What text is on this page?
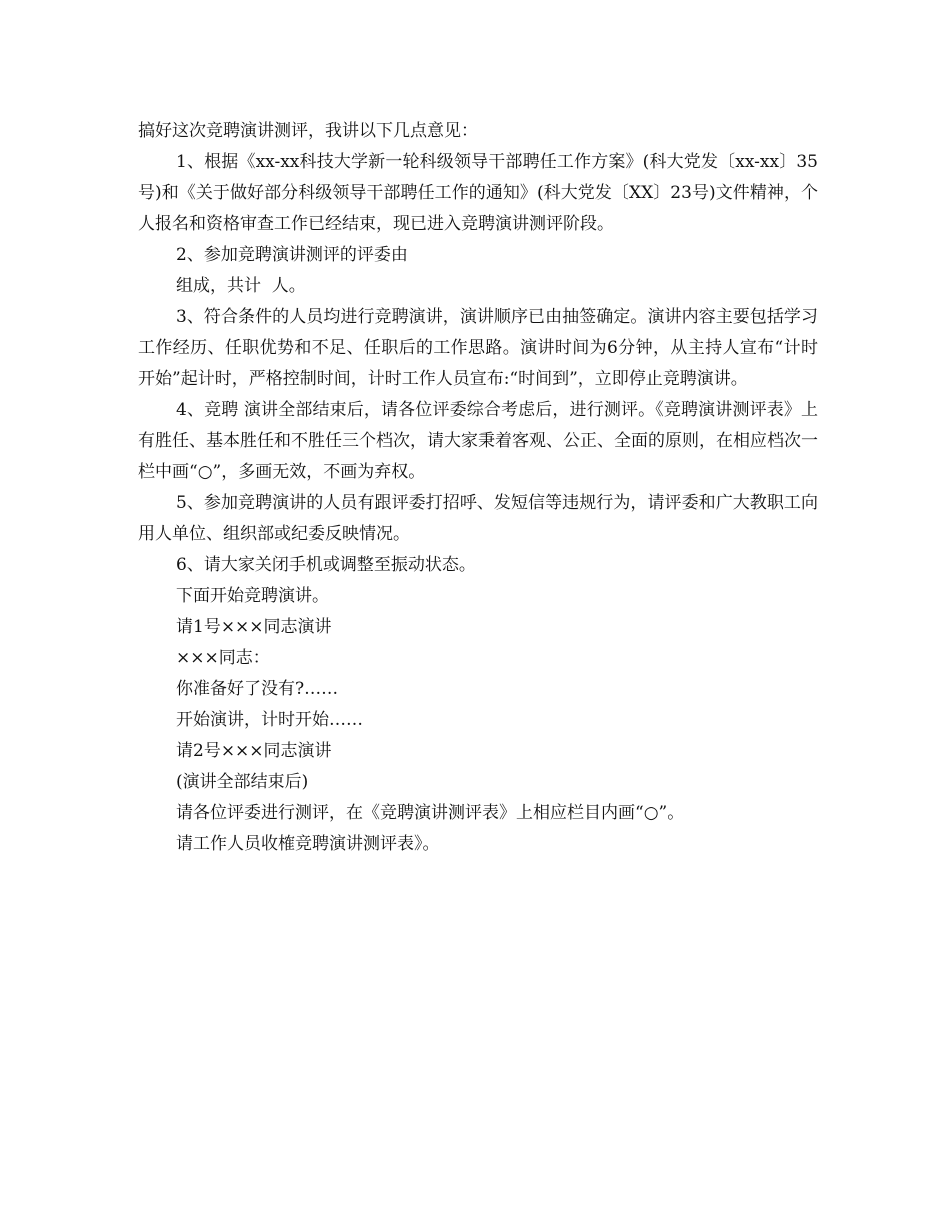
搞好这次竞聘演讲测评，我讲以下几点意见：

1、根据《xx-xx科技大学新一轮科级领导干部聘任工作方案》(科大党发〔xx-xx〕35号)和《关于做好部分科级领导干部聘任工作的通知》(科大党发〔XX〕23号)文件精神，个人报名和资格审查工作已经结束，现已进入竞聘演讲测评阶段。

2、参加竞聘演讲测评的评委由

组成，共计  人。

3、符合条件的人员均进行竞聘演讲，演讲顺序已由抽签确定。演讲内容主要包括学习工作经历、任职优势和不足、任职后的工作思路。演讲时间为6分钟，从主持人宣布“计时开始”起计时，严格控制时间，计时工作人员宣布:“时间到”，立即停止竞聘演讲。

4、竞聘 演讲全部结束后，请各位评委综合考虑后，进行测评。《竞聘演讲测评表》上有胜任、基本胜任和不胜任三个档次，请大家秉着客观、公正、全面的原则，在相应档次一栏中画“○”，多画无效，不画为弃权。

5、参加竞聘演讲的人员有跟评委打招呼、发短信等违规行为，请评委和广大教职工向用人单位、组织部或纪委反映情况。

6、请大家关闭手机或调整至振动状态。

下面开始竞聘演讲。

请1号×××同志演讲

×××同志：

你准备好了没有?……

开始演讲，计时开始……

请2号×××同志演讲

(演讲全部结束后)

请各位评委进行测评，在《竞聘演讲测评表》上相应栏目内画“○”。

请工作人员收榷竞聘演讲测评表》。
